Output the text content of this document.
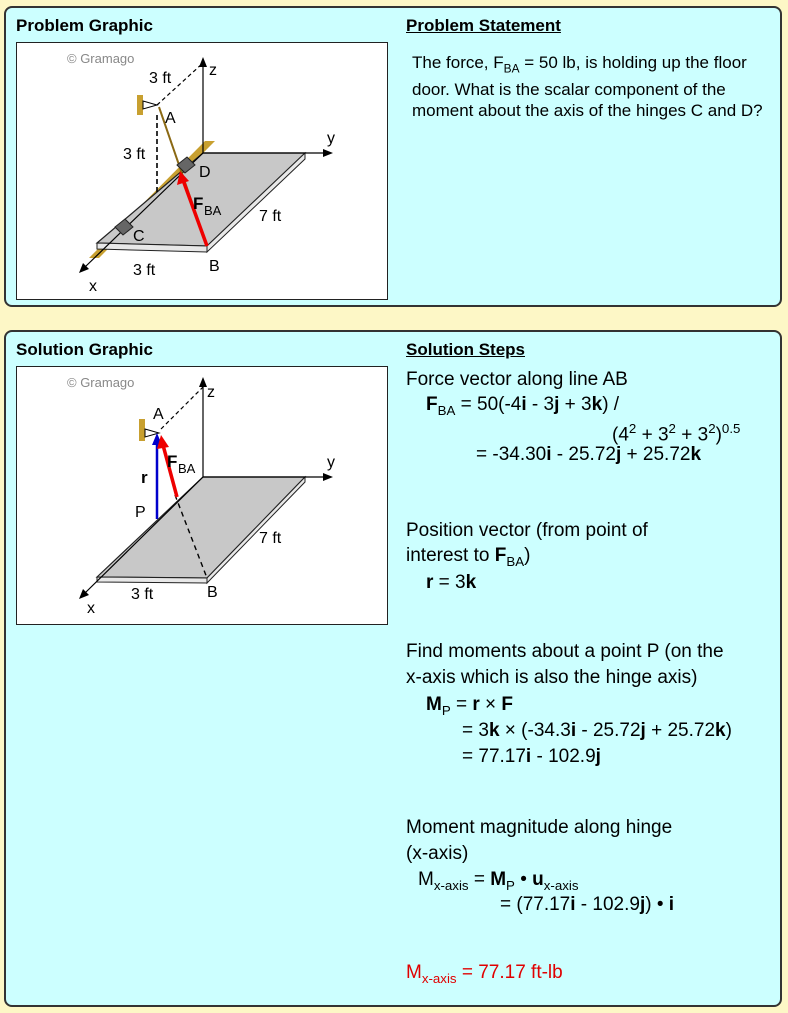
Problem Graphic	Problem Statement
© Gramago
z
y
x
A
B
C
D
3 ft
3 ft
3 ft
7 ft
F BA
The force, $F_{BA} = 50$ lb, is holding up the floor door. What is the scalar component of the moment about the axis of the hinges C and D?
Solution Graphic	Solution Steps
© Gramago
z
y
x
A
B
P
r
3 ft
7 ft
F BA
Force vector along line AB
$F_{BA} = 50(-4i - 3j + 3k)$ /
$(4^2 + 3^2 + 3^2)^{0.5}$
= -34.30i - 25.72j + 25.72k
Position vector (from point of
interest to $F_{BA}$)
r = 3k
Find moments about a point P (on the
x-axis which is also the hinge axis)
$M_P = r \times F$
= 3k × (-34.3i - 25.72j + 25.72k)
= 77.17i - 102.9j
Moment magnitude along hinge
(x-axis)
$M_{x-axis} = M_P$ • $u_{x-axis}$
= (77.17i - 102.9j) • i
$M_{x-axis} = 77.17$ ft-lb
